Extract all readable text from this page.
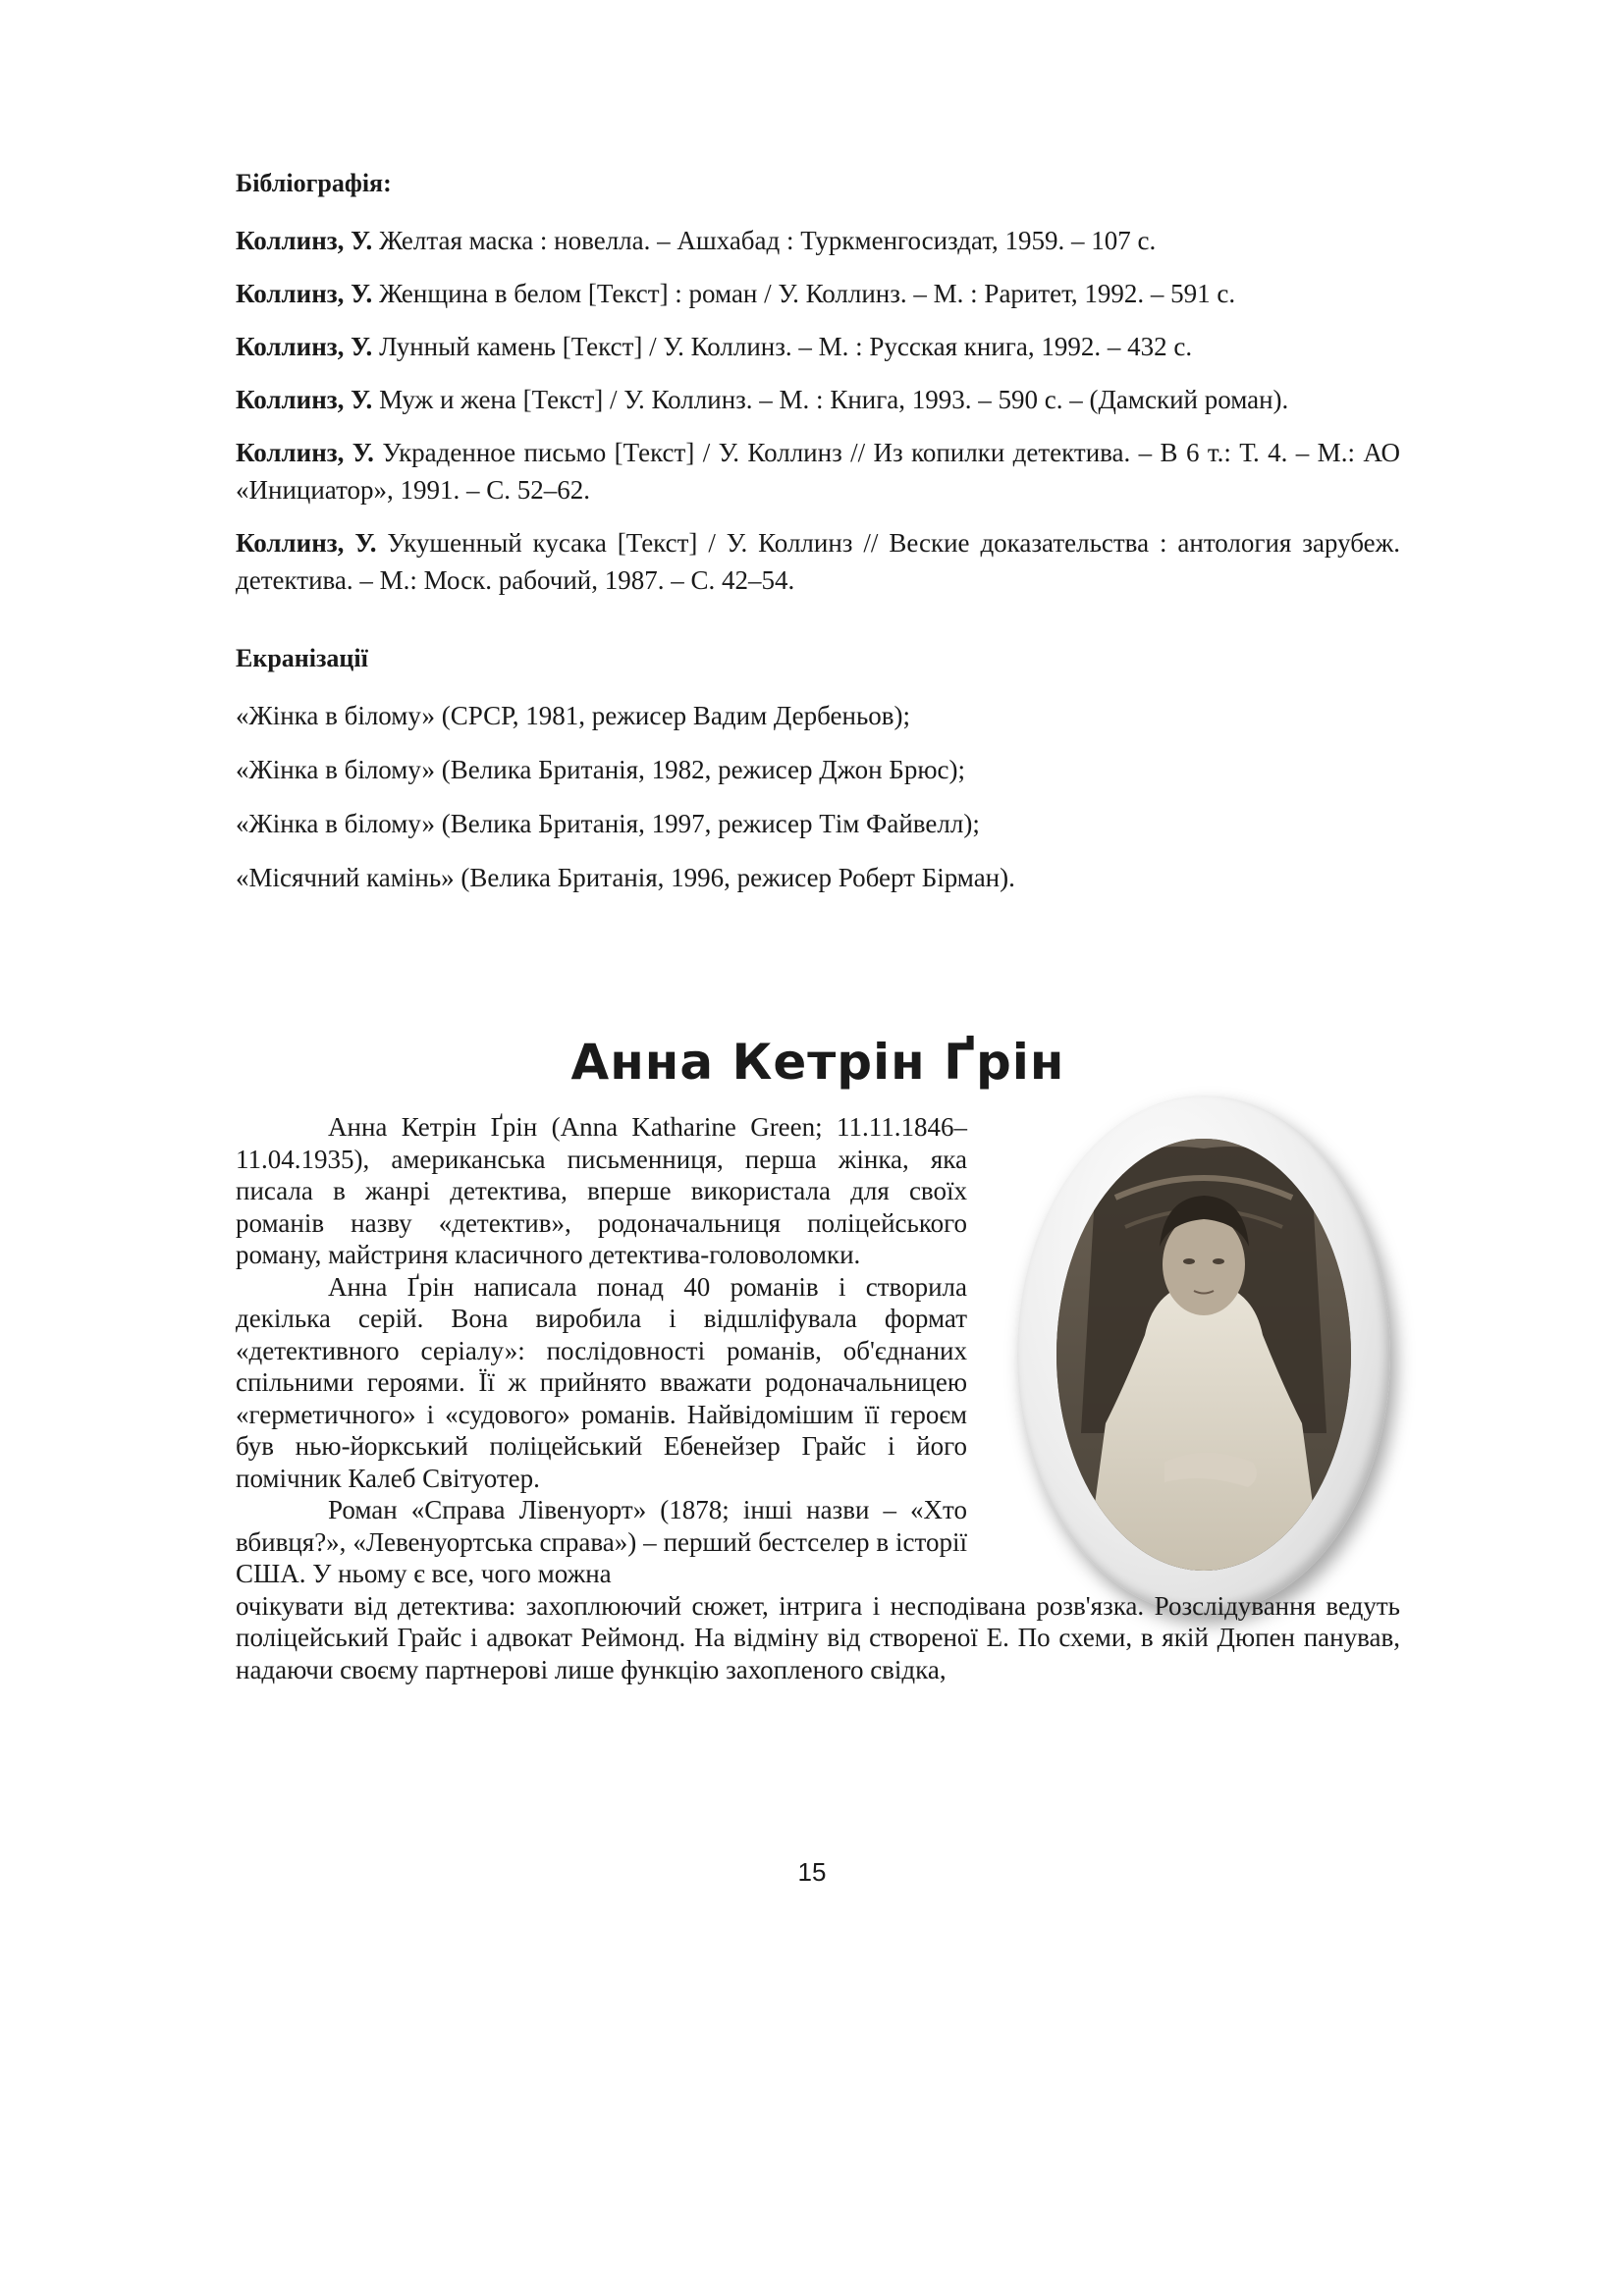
Бібліографія:

Коллинз, У. Желтая маска : новелла. – Ашхабад : Туркменгосиздат, 1959. – 107 с.

Коллинз, У. Женщина в белом [Текст] : роман / У. Коллинз. – М. : Раритет, 1992. – 591 с.

Коллинз, У. Лунный камень [Текст] / У. Коллинз. – М. : Русская книга, 1992. – 432 с.

Коллинз, У. Муж и жена [Текст] / У. Коллинз. – М. : Книга, 1993. – 590 с. – (Дамский роман).

Коллинз, У. Украденное письмо [Текст] / У. Коллинз // Из копилки детектива. – В 6 т.: Т. 4. – М.: АО «Инициатор», 1991. – С. 52–62.

Коллинз, У. Укушенный кусака [Текст] / У. Коллинз // Веские доказательства : антология зарубеж. детектива. – М.: Моск. рабочий, 1987. – С. 42–54.

Екранізації

«Жінка в білому» (СРСР, 1981, режисер Вадим Дербеньов);

«Жінка в білому» (Велика Британія, 1982, режисер Джон Брюс);

«Жінка в білому» (Велика Британія, 1997, режисер Тім Файвелл);

«Місячний камінь» (Велика Британія, 1996, режисер Роберт Бірман).

Анна Кетрін Ґрін

Анна Кетрін Ґрін (Anna Katharine Green; 11.11.1846–11.04.1935), американська письменниця, перша жінка, яка писала в жанрі детектива, вперше використала для своїх романів назву «детектив», родоначальниця поліцейського роману, майстриня класичного детектива-головоломки.

Анна Ґрін написала понад 40 романів і створила декілька серій. Вона виробила і відшліфувала формат «детективного серіалу»: послідовності романів, об'єднаних спільними героями. Її ж прийнято вважати родоначальницею «герметичного» і «судового» романів. Найвідомішим її героєм був нью-йоркський поліцейський Ебенейзер Грайс і його помічник Калеб Світуотер.

Роман «Справа Лівенуорт» (1878; інші назви – «Хто вбивця?», «Левенуортська справа») – перший бестселер в історії США. У ньому є все, чого можна

очікувати від детектива: захоплюючий сюжет, інтрига і несподівана розв'язка. Розслідування ведуть поліцейський Грайс і адвокат Реймонд. На відміну від створеної Е. По схеми, в якій Дюпен панував, надаючи своєму партнерові лише функцію захопленого свідка,

15
